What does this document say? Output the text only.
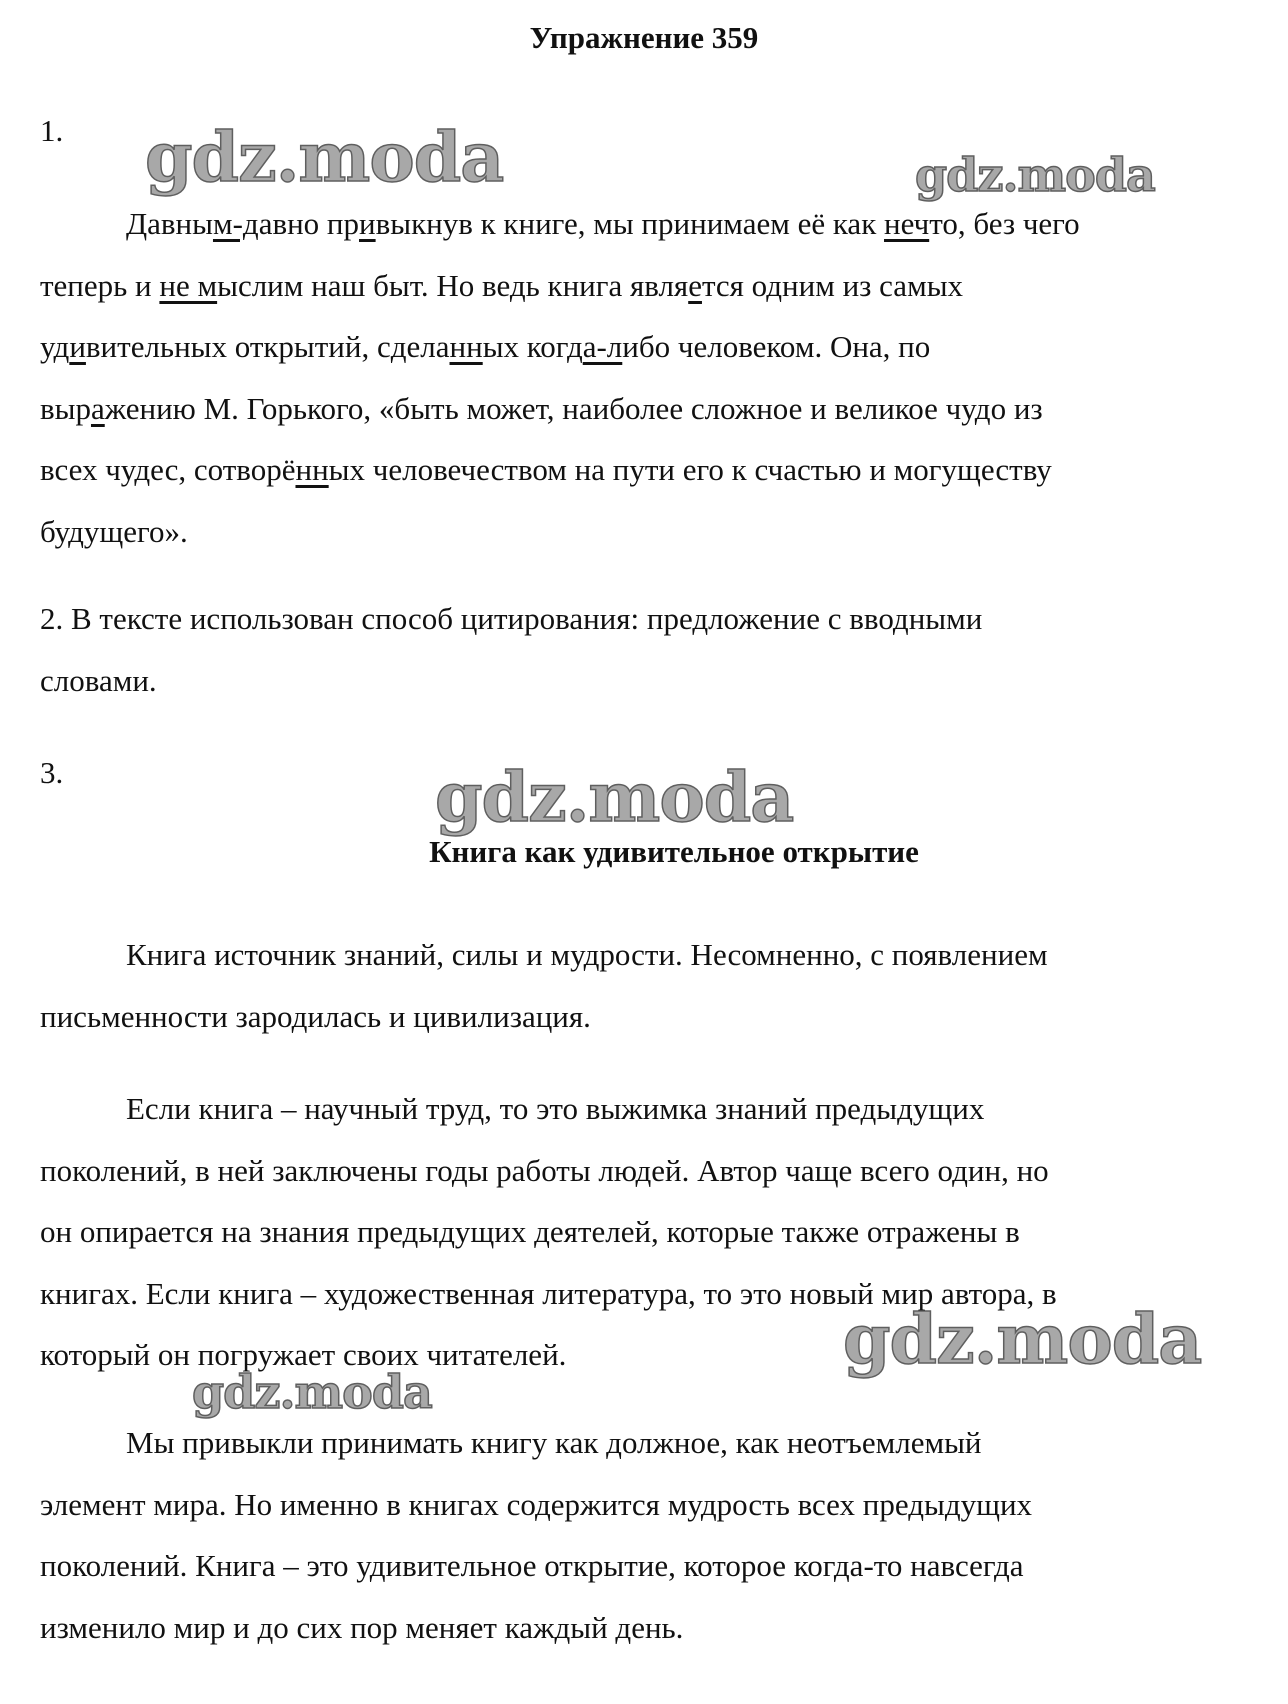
Упражнение 359
1.
Давным-давно привыкнув к книге, мы принимаем её как нечто, без чего
теперь и не мыслим наш быт. Но ведь книга является одним из самых
удивительных открытий, сделанных когда-либо человеком. Она, по
выражению М. Горького, «быть может, наиболее сложное и великое чудо из
всех чудес, сотворённых человечеством на пути его к счастью и могуществу
будущего».
2. В тексте использован способ цитирования: предложение с вводными
словами.
3.
Книга как удивительное открытие
Книга источник знаний, силы и мудрости. Несомненно, с появлением
письменности зародилась и цивилизация.
Если книга – научный труд, то это выжимка знаний предыдущих
поколений, в ней заключены годы работы людей. Автор чаще всего один, но
он опирается на знания предыдущих деятелей, которые также отражены в
книгах. Если книга – художественная литература, то это новый мир автора, в
который он погружает своих читателей.
Мы привыкли принимать книгу как должное, как неотъемлемый
элемент мира. Но именно в книгах содержится мудрость всех предыдущих
поколений. Книга – это удивительное открытие, которое когда-то навсегда
изменило мир и до сих пор меняет каждый день.
gdz.moda	gdz.moda
gdz.moda
gdz.moda
gdz.moda
